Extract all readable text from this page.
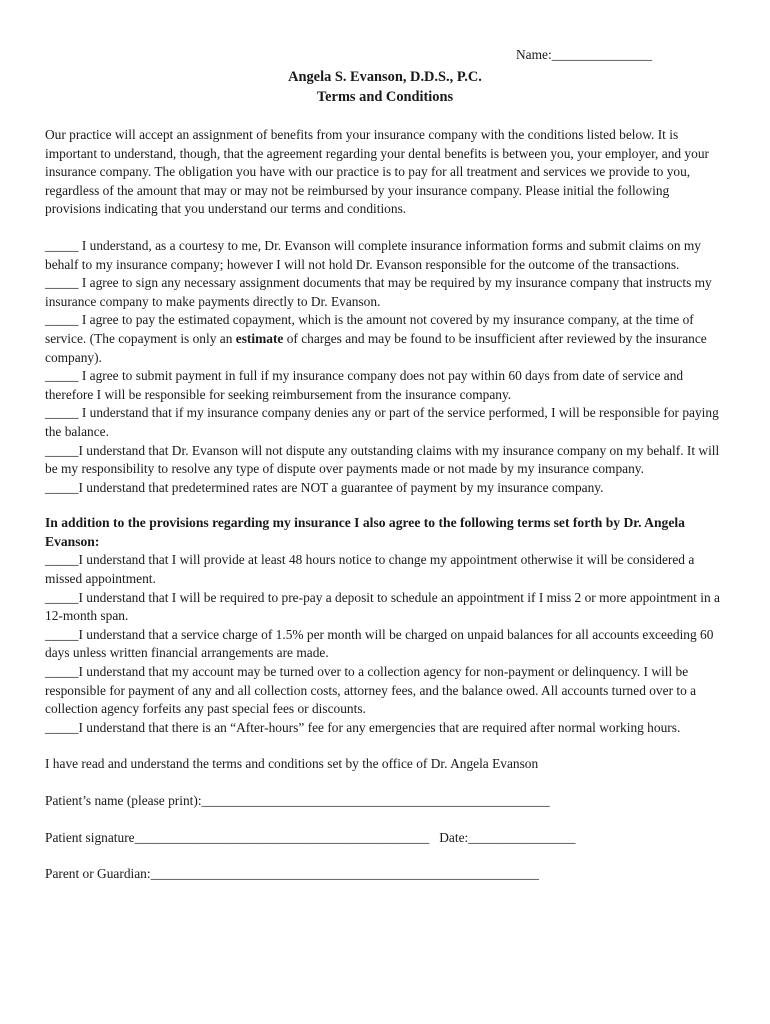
Name:_______________
Angela S. Evanson, D.D.S., P.C.
Terms and Conditions

Our practice will accept an assignment of benefits from your insurance company with the conditions listed below. It is important to understand, though, that the agreement regarding your dental benefits is between you, your employer, and your insurance company. The obligation you have with our practice is to pay for all treatment and services we provide to you, regardless of the amount that may or may not be reimbursed by your insurance company. Please initial the following provisions indicating that you understand our terms and conditions.

_____ I understand, as a courtesy to me, Dr. Evanson will complete insurance information forms and submit claims on my behalf to my insurance company; however I will not hold Dr. Evanson responsible for the outcome of the transactions.

_____ I agree to sign any necessary assignment documents that may be required by my insurance company that instructs my insurance company to make payments directly to Dr. Evanson.

_____ I agree to pay the estimated copayment, which is the amount not covered by my insurance company, at the time of service. (The copayment is only an estimate of charges and may be found to be insufficient after reviewed by the insurance company).

_____ I agree to submit payment in full if my insurance company does not pay within 60 days from date of service and therefore I will be responsible for seeking reimbursement from the insurance company.

_____ I understand that if my insurance company denies any or part of the service performed, I will be responsible for paying the balance.

_____I understand that Dr. Evanson will not dispute any outstanding claims with my insurance company on my behalf. It will be my responsibility to resolve any type of dispute over payments made or not made by my insurance company.

_____I understand that predetermined rates are NOT a guarantee of payment by my insurance company.

In addition to the provisions regarding my insurance I also agree to the following terms set forth by Dr. Angela Evanson:

_____I understand that I will provide at least 48 hours notice to change my appointment otherwise it will be considered a missed appointment.

_____I understand that I will be required to pre-pay a deposit to schedule an appointment if I miss 2 or more appointment in a 12-month span.

_____I understand that a service charge of 1.5% per month will be charged on unpaid balances for all accounts exceeding 60 days unless written financial arrangements are made.

_____I understand that my account may be turned over to a collection agency for non-payment or delinquency. I will be responsible for payment of any and all collection costs, attorney fees, and the balance owed. All accounts turned over to a collection agency forfeits any past special fees or discounts.

_____I understand that there is an “After-hours” fee for any emergencies that are required after normal working hours.

I have read and understand the terms and conditions set by the office of Dr. Angela Evanson

Patient’s name (please print):____________________________________________________

Patient signature____________________________________________ Date:________________

Parent or Guardian:__________________________________________________________
